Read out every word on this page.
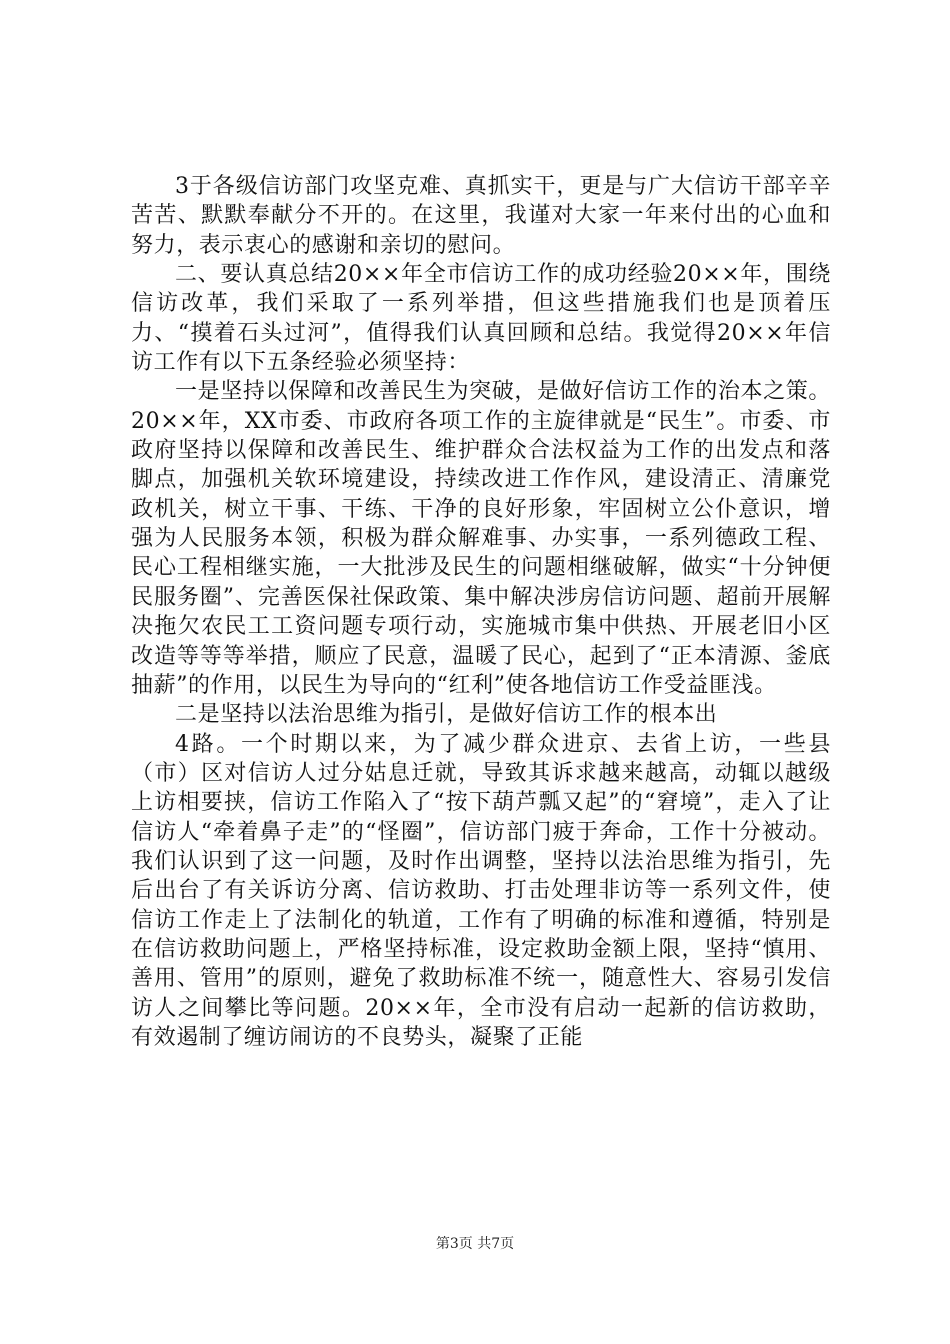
3于各级信访部门攻坚克难、真抓实干，更是与广大信访干部辛辛苦苦、默默奉献分不开的。在这里，我谨对大家一年来付出的心血和努力，表示衷心的感谢和亲切的慰问。

二、要认真总结20××年全市信访工作的成功经验20××年，围绕信访改革，我们采取了一系列举措，但这些措施我们也是顶着压力、“摸着石头过河”，值得我们认真回顾和总结。我觉得20××年信访工作有以下五条经验必须坚持：

一是坚持以保障和改善民生为突破，是做好信访工作的治本之策。20××年，XX市委、市政府各项工作的主旋律就是“民生”。市委、市政府坚持以保障和改善民生、维护群众合法权益为工作的出发点和落脚点，加强机关软环境建设，持续改进工作作风，建设清正、清廉党政机关，树立干事、干练、干净的良好形象，牢固树立公仆意识，增强为人民服务本领，积极为群众解难事、办实事，一系列德政工程、民心工程相继实施，一大批涉及民生的问题相继破解，做实“十分钟便民服务圈”、完善医保社保政策、集中解决涉房信访问题、超前开展解决拖欠农民工工资问题专项行动，实施城市集中供热、开展老旧小区改造等等等举措，顺应了民意，温暖了民心，起到了“正本清源、釜底抽薪”的作用，以民生为导向的“红利”使各地信访工作受益匪浅。

二是坚持以法治思维为指引，是做好信访工作的根本出

4路。一个时期以来，为了减少群众进京、去省上访，一些县（市）区对信访人过分姑息迁就，导致其诉求越来越高，动辄以越级上访相要挟，信访工作陷入了“按下葫芦瓢又起”的“窘境”，走入了让信访人“牵着鼻子走”的“怪圈”，信访部门疲于奔命，工作十分被动。我们认识到了这一问题，及时作出调整，坚持以法治思维为指引，先后出台了有关诉访分离、信访救助、打击处理非访等一系列文件，使信访工作走上了法制化的轨道，工作有了明确的标准和遵循，特别是在信访救助问题上，严格坚持标准，设定救助金额上限，坚持“慎用、善用、管用”的原则，避免了救助标准不统一，随意性大、容易引发信访人之间攀比等问题。20××年，全市没有启动一起新的信访救助，有效遏制了缠访闹访的不良势头，凝聚了正能

第3页 共7页
